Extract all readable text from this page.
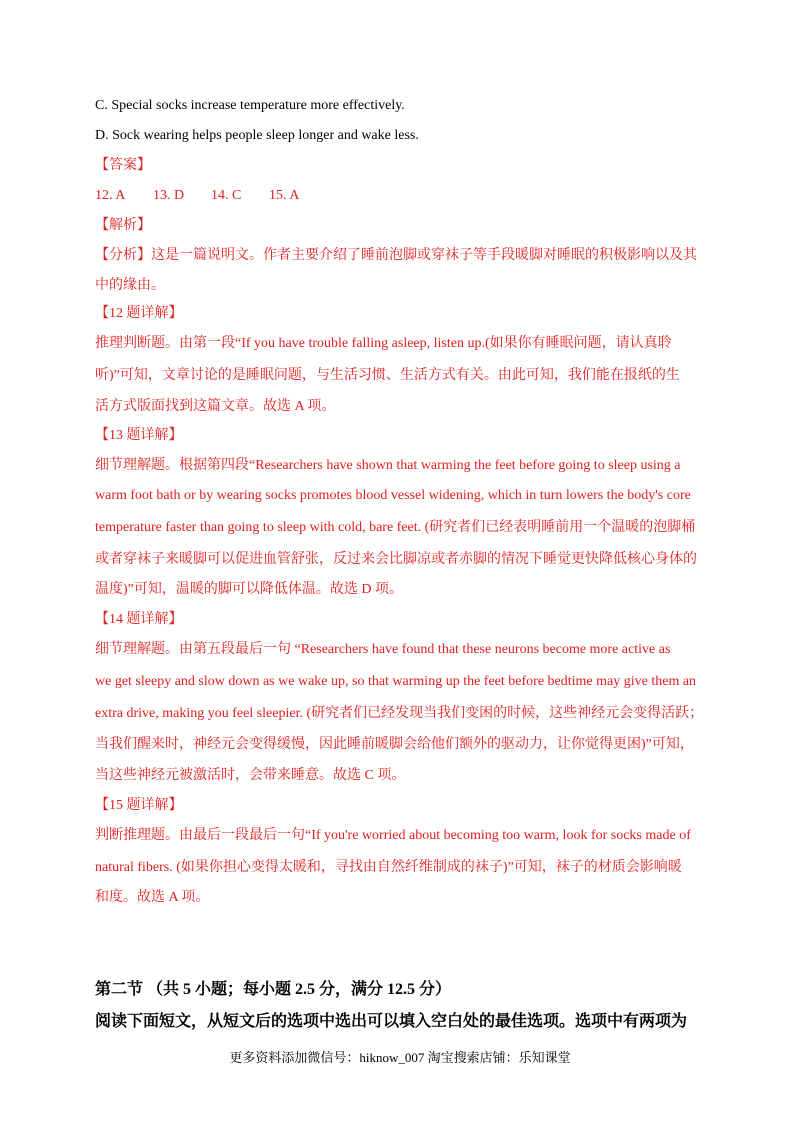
C. Special socks increase temperature more effectively.
D. Sock wearing helps people sleep longer and wake less.
【答案】
12. A 13. D 14. C 15. A
【解析】
【分析】这是一篇说明文。作者主要介绍了睡前泡脚或穿袜子等手段暖脚对睡眠的积极影响以及其
中的缘由。
【12 题详解】
推理判断题。由第一段“If you have trouble falling asleep, listen up.(如果你有睡眠问题，请认真聆
听)”可知，文章讨论的是睡眠问题，与生活习惯、生活方式有关。由此可知，我们能在报纸的生
活方式版面找到这篇文章。故选 A 项。
【13 题详解】
细节理解题。根据第四段“Researchers have shown that warming the feet before going to sleep using a
warm foot bath or by wearing socks promotes blood vessel widening, which in turn lowers the body's core
temperature faster than going to sleep with cold, bare feet. (研究者们已经表明睡前用一个温暖的泡脚桶
或者穿袜子来暖脚可以促进血管舒张，反过来会比脚凉或者赤脚的情况下睡觉更快降低核心身体的
温度)”可知，温暖的脚可以降低体温。故选 D 项。
【14 题详解】
细节理解题。由第五段最后一句 “Researchers have found that these neurons become more active as
we get sleepy and slow down as we wake up, so that warming up the feet before bedtime may give them an
extra drive, making you feel sleepier. (研究者们已经发现当我们变困的时候，这些神经元会变得活跃；
当我们醒来时，神经元会变得缓慢，因此睡前暖脚会给他们额外的驱动力，让你觉得更困)”可知，
当这些神经元被激活时，会带来睡意。故选 C 项。
【15 题详解】
判断推理题。由最后一段最后一句“If you're worried about becoming too warm, look for socks made of
natural fibers. (如果你担心变得太暖和，寻找由自然纤维制成的袜子)”可知，袜子的材质会影响暖
和度。故选 A 项。
第二节 （共 5 小题；每小题 2.5 分，满分 12.5 分）
阅读下面短文，从短文后的选项中选出可以填入空白处的最佳选项。选项中有两项为
更多资料添加微信号：hiknow_007 淘宝搜索店铺：乐知课堂
